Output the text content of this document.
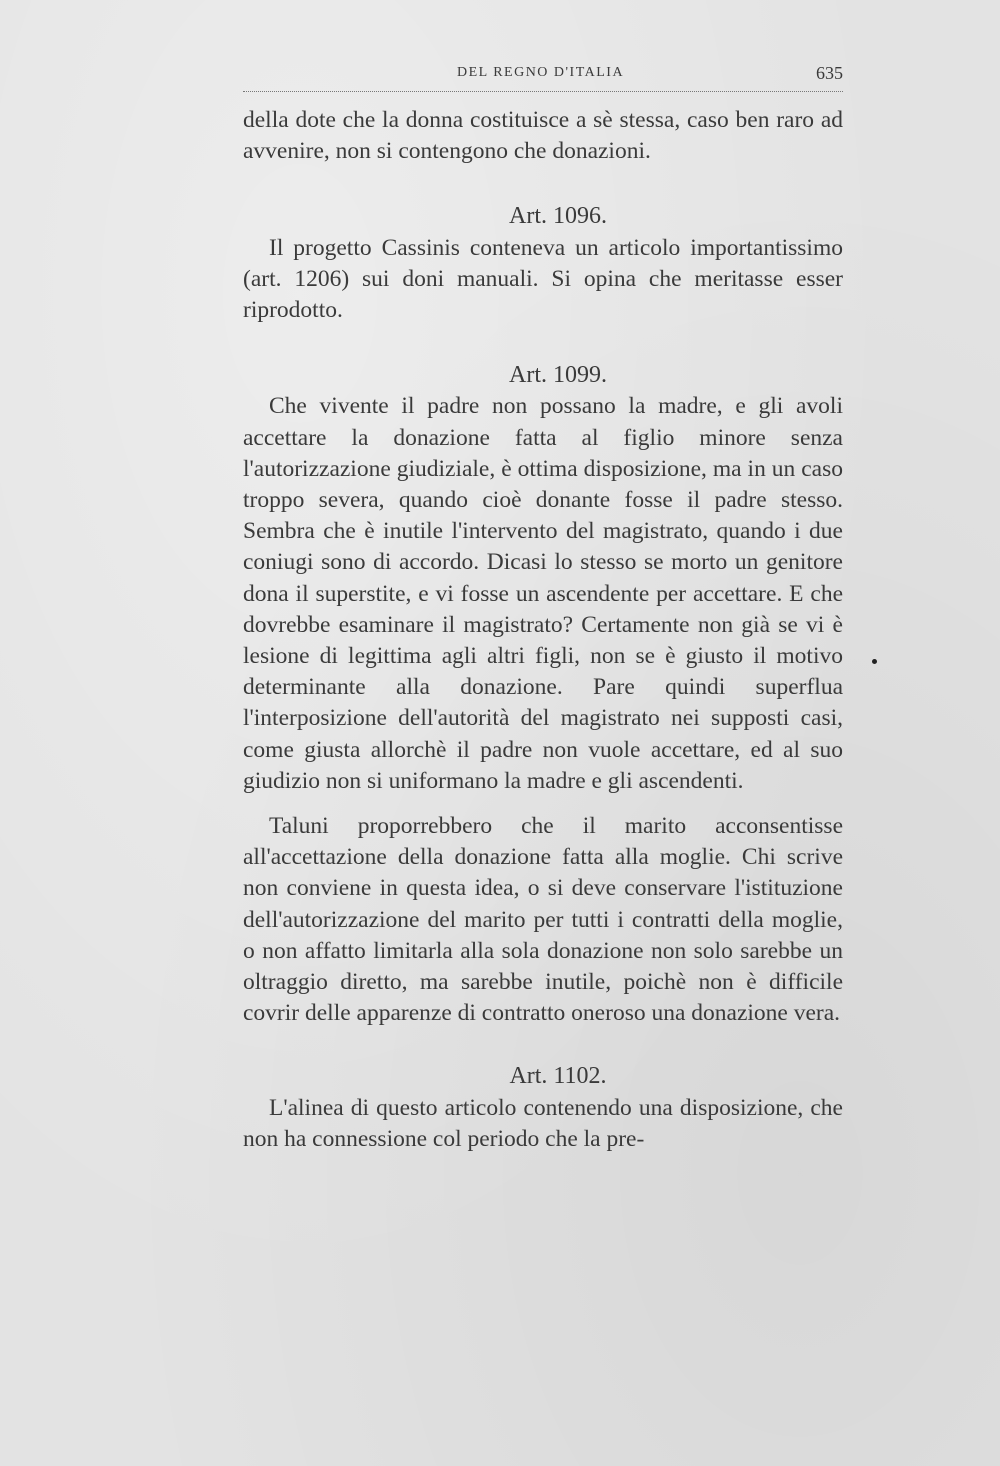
DEL REGNO D'ITALIA	635

della dote che la donna costituisce a sè stessa, caso ben raro ad avvenire, non si contengono che donazioni.

Art. 1096.

Il progetto Cassinis conteneva un articolo importantissimo (art. 1206) sui doni manuali. Si opina che meritasse esser riprodotto.

Art. 1099.

Che vivente il padre non possano la madre, e gli avoli accettare la donazione fatta al figlio minore senza l'autorizzazione giudiziale, è ottima disposizione, ma in un caso troppo severa, quando cioè donante fosse il padre stesso. Sembra che è inutile l'intervento del magistrato, quando i due coniugi sono di accordo. Dicasi lo stesso se morto un genitore dona il superstite, e vi fosse un ascendente per accettare. E che dovrebbe esaminare il magistrato? Certamente non già se vi è lesione di legittima agli altri figli, non se è giusto il motivo determinante alla donazione. Pare quindi superflua l'interposizione dell'autorità del magistrato nei supposti casi, come giusta allorchè il padre non vuole accettare, ed al suo giudizio non si uniformano la madre e gli ascendenti.

Taluni proporrebbero che il marito acconsentisse all'accettazione della donazione fatta alla moglie. Chi scrive non conviene in questa idea, o si deve conservare l'istituzione dell'autorizzazione del marito per tutti i contratti della moglie, o non affatto limitarla alla sola donazione non solo sarebbe un oltraggio diretto, ma sarebbe inutile, poichè non è difficile covrir delle apparenze di contratto oneroso una donazione vera.

Art. 1102.

L'alinea di questo articolo contenendo una disposizione, che non ha connessione col periodo che la pre-
